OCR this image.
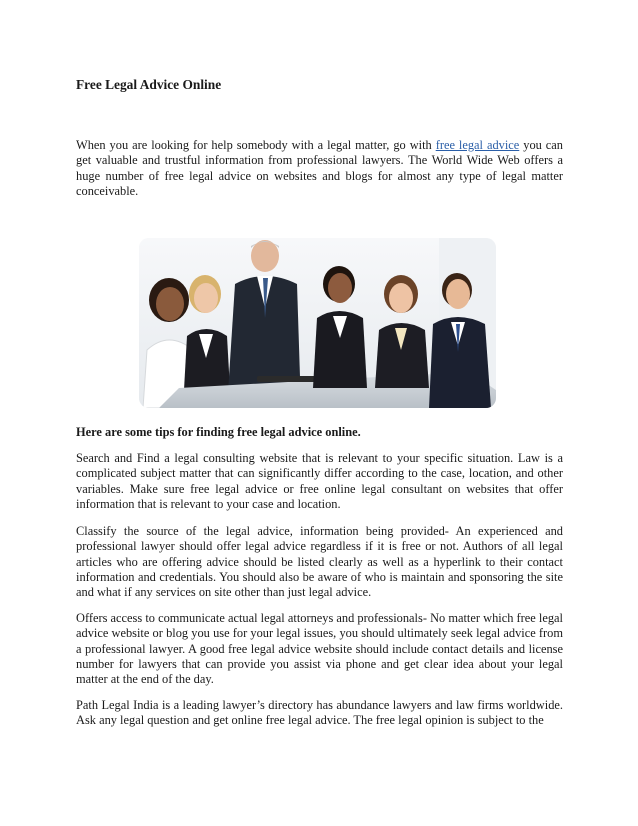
Free Legal Advice Online

When you are looking for help somebody with a legal matter, go with free legal advice you can get valuable and trustful information from professional lawyers. The World Wide Web offers a huge number of free legal advice on websites and blogs for almost any type of legal matter conceivable.

Here are some tips for finding free legal advice online.

Search and Find a legal consulting website that is relevant to your specific situation. Law is a complicated subject matter that can significantly differ according to the case, location, and other variables. Make sure free legal advice or free online legal consultant on websites that offer information that is relevant to your case and location.

Classify the source of the legal advice, information being provided- An experienced and professional lawyer should offer legal advice regardless if it is free or not. Authors of all legal articles who are offering advice should be listed clearly as well as a hyperlink to their contact information and credentials. You should also be aware of who is maintain and sponsoring the site and what if any services on site other than just legal advice.

Offers access to communicate actual legal attorneys and professionals- No matter which free legal advice website or blog you use for your legal issues, you should ultimately seek legal advice from a professional lawyer. A good free legal advice website should include contact details and license number for lawyers that can provide you assist via phone and get clear idea about your legal matter at the end of the day.

Path Legal India is a leading lawyer’s directory has abundance lawyers and law firms worldwide. Ask any legal question and get online free legal advice. The free legal opinion is subject to the
